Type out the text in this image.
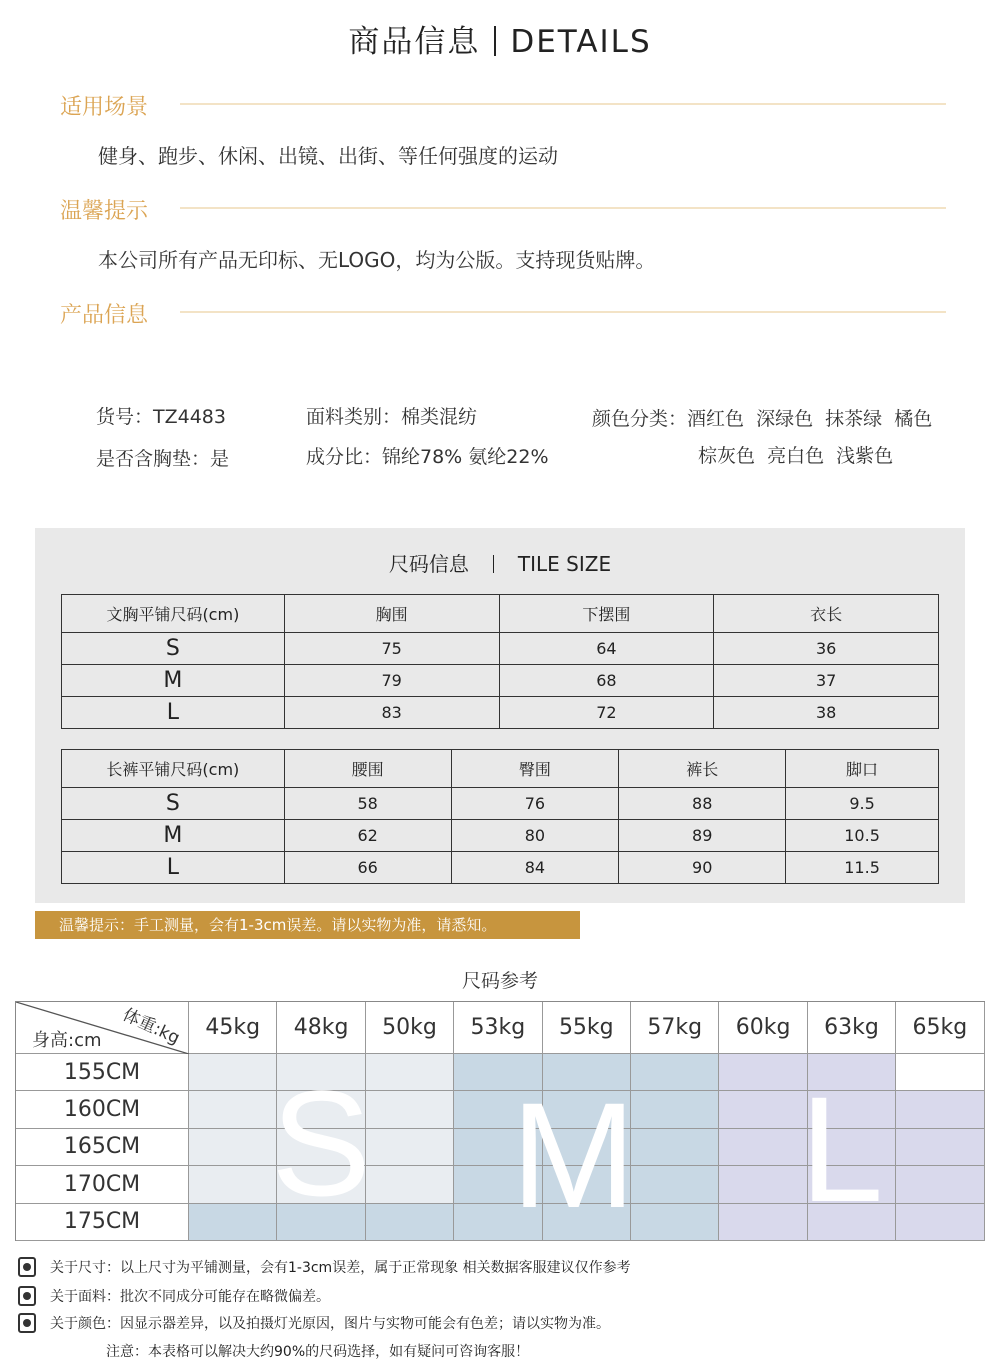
商品信息 DETAILS
适用场景
健身、跑步、休闲、出镜、出街、等任何强度的运动
温馨提示
本公司所有产品无印标、无LOGO，均为公版。支持现货贴牌。
产品信息
货号：TZ4483
是否含胸垫：是
面料类别：棉类混纺
成分比：锦纶78% 氨纶22%
颜色分类：酒红色  深绿色  抹茶绿  橘色
棕灰色  亮白色  浅紫色
尺码信息 TILE SIZE
文胸平铺尺码(cm)	胸围	下摆围	衣长
S	75	64	36
M	79	68	37
L	83	72	38
长裤平铺尺码(cm)	腰围	臀围	裤长	脚口
S	58	76	88	9.5
M	62	80	89	10.5
L	66	84	90	11.5
温馨提示：手工测量，会有1-3cm误差。请以实物为准，请悉知。
尺码参考
体重:kg
身高:cm
45kg	48kg	50kg	53kg	55kg	57kg	60kg	63kg	65kg
155CM
160CM
165CM
170CM
175CM S M L
关于尺寸：以上尺寸为平铺测量，会有1-3cm误差，属于正常现象 相关数据客服建议仅作参考
关于面料：批次不同成分可能存在略微偏差。
关于颜色：因显示器差异，以及拍摄灯光原因，图片与实物可能会有色差；请以实物为准。
注意：本表格可以解决大约90%的尺码选择，如有疑问可咨询客服！
